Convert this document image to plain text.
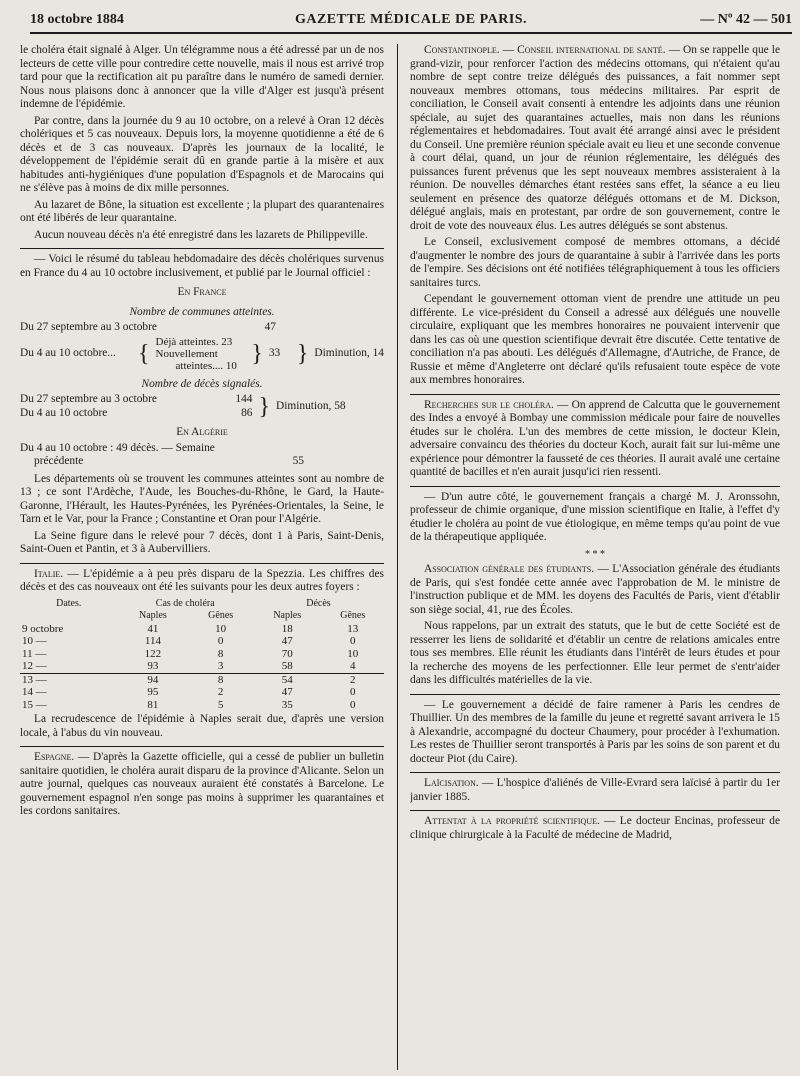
18 octobre 1884	GAZETTE MÉDICALE DE PARIS.	— Nº 42 — 501

le choléra était signalé à Alger. Un télégramme nous a été adressé par un de nos lecteurs de cette ville pour contredire cette nouvelle, mais il nous est arrivé trop tard pour que la rectification ait pu paraître dans le numéro de samedi dernier. Nous nous plaisons donc à annoncer que la ville d'Alger est jusqu'à présent indemne de l'épidémie.

Par contre, dans la journée du 9 au 10 octobre, on a relevé à Oran 12 décès cholériques et 5 cas nouveaux. Depuis lors, la moyenne quotidienne a été de 6 décès et de 3 cas nouveaux. D'après les journaux de la localité, le développement de l'épidémie serait dû en grande partie à la misère et aux habitudes anti-hygiéniques d'une population d'Espagnols et de Marocains qui ne s'élève pas à moins de dix mille personnes.

Au lazaret de Bône, la situation est excellente ; la plupart des quarantenaires ont été libérés de leur quarantaine.

Aucun nouveau décès n'a été enregistré dans les lazarets de Philippeville.

— Voici le résumé du tableau hebdomadaire des décès cholériques survenus en France du 4 au 10 octobre inclusivement, et publié par le Journal officiel :

En France
Nombre de communes atteintes.
Du 27 septembre au 3 octobre	47
Du 4 au 10 octobre... { Déjà atteintes. 23
Nouvellement
atteintes.... 10 } 33 } Diminution, 14
Nombre de décès signalés.
Du 27 septembre au 3 octobre	144
Du 4 au 10 octobre	86 } Diminution, 58
En Algérie
Du 4 au 10 octobre : 49 décès. — Semaine
précédente	55

Les départements où se trouvent les communes atteintes sont au nombre de 13 ; ce sont l'Ardèche, l'Aude, les Bouches-du-Rhône, le Gard, la Haute-Garonne, l'Hérault, les Hautes-Pyrénées, les Pyrénées-Orientales, la Seine, le Tarn et le Var, pour la France ; Constantine et Oran pour l'Algérie.

La Seine figure dans le relevé pour 7 décès, dont 1 à Paris, Saint-Denis, Saint-Ouen et Pantin, et 3 à Aubervilliers.

Italie. — L'épidémie a à peu près disparu de la Spezzia. Les chiffres des décès et des cas nouveaux ont été les suivants pour les deux autres foyers :

Dates.	Cas de choléra		Décès	
	Naples	Gênes	Naples	Gênes
9 octobre	41	10	18	13
10 —	114	0	47	0
11 —	122	8	70	10
12 —	93	3	58	4
13 —	94	8	54	2
14 —	95	2	47	0
15 —	81	5	35	0

La recrudescence de l'épidémie à Naples serait due, d'après une version locale, à l'abus du vin nouveau.

Espagne. — D'après la Gazette officielle, qui a cessé de publier un bulletin sanitaire quotidien, le choléra aurait disparu de la province d'Alicante. Selon un autre journal, quelques cas nouveaux auraient été constatés à Barcelone. Le gouvernement espagnol n'en songe pas moins à supprimer les quarantaines et les cordons sanitaires.

Constantinople. — Conseil international de santé. — On se rappelle que le grand-vizir, pour renforcer l'action des médecins ottomans, qui n'étaient qu'au nombre de sept contre treize délégués des puissances, a fait nommer sept nouveaux membres ottomans, tous médecins militaires. Par esprit de conciliation, le Conseil avait consenti à entendre les adjoints dans une réunion spéciale, au sujet des quarantaines actuelles, mais non dans les réunions réglementaires et hebdomadaires. Tout avait été arrangé ainsi avec le président du Conseil. Une première réunion spéciale avait eu lieu et une seconde convenue à court délai, quand, un jour de réunion réglementaire, les délégués des puissances furent prévenus que les sept nouveaux membres assisteraient à la réunion. De nouvelles démarches étant restées sans effet, la séance a eu lieu seulement en présence des quatorze délégués ottomans et de M. Dickson, délégué anglais, mais en protestant, par ordre de son gouvernement, contre le droit de vote des nouveaux élus. Les autres délégués se sont abstenus.

Le Conseil, exclusivement composé de membres ottomans, a décidé d'augmenter le nombre des jours de quarantaine à subir à l'arrivée dans les ports de l'empire. Ses décisions ont été notifiées télégraphiquement à tous les officiers sanitaires turcs.

Cependant le gouvernement ottoman vient de prendre une attitude un peu différente. Le vice-président du Conseil a adressé aux délégués une nouvelle circulaire, expliquant que les membres honoraires ne pouvaient intervenir que dans les cas où une question scientifique devrait être discutée. Cette tentative de conciliation n'a pas abouti. Les délégués d'Allemagne, d'Autriche, de France, de Russie et même d'Angleterre ont déclaré qu'ils refusaient toute espèce de vote aux membres honoraires.

Recherches sur le choléra. — On apprend de Calcutta que le gouvernement des Indes a envoyé à Bombay une commission médicale pour faire de nouvelles études sur le choléra. L'un des membres de cette mission, le docteur Klein, adversaire convaincu des théories du docteur Koch, aurait fait sur lui-même une expérience pour démontrer la fausseté de ces théories. Il aurait avalé une certaine quantité de bacilles et n'en aurait jusqu'ici rien ressenti.

— D'un autre côté, le gouvernement français a chargé M. J. Aronssohn, professeur de chimie organique, d'une mission scientifique en Italie, à l'effet d'y étudier le choléra au point de vue étiologique, en même temps qu'au point de vue de la thérapeutique appliquée.

* * *

Association générale des étudiants. — L'Association générale des étudiants de Paris, qui s'est fondée cette année avec l'approbation de M. le ministre de l'instruction publique et de MM. les doyens des Facultés de Paris, vient d'établir son siège social, 41, rue des Écoles.

Nous rappelons, par un extrait des statuts, que le but de cette Société est de resserrer les liens de solidarité et d'établir un centre de relations amicales entre tous ses membres. Elle réunit les étudiants dans l'intérêt de leurs études et pour la recherche des moyens de les perfectionner. Elle leur permet de s'entr'aider dans les difficultés matérielles de la vie.

— Le gouvernement a décidé de faire ramener à Paris les cendres de Thuillier. Un des membres de la famille du jeune et regretté savant arrivera le 15 à Alexandrie, accompagné du docteur Chaumery, pour procéder à l'exhumation. Les restes de Thuillier seront transportés à Paris par les soins de son parent et du docteur Piot (du Caire).

Laïcisation. — L'hospice d'aliénés de Ville-Evrard sera laïcisé à partir du 1er janvier 1885.

Attentat à la propriété scientifique. — Le docteur Encinas, professeur de clinique chirurgicale à la Faculté de médecine de Madrid,
